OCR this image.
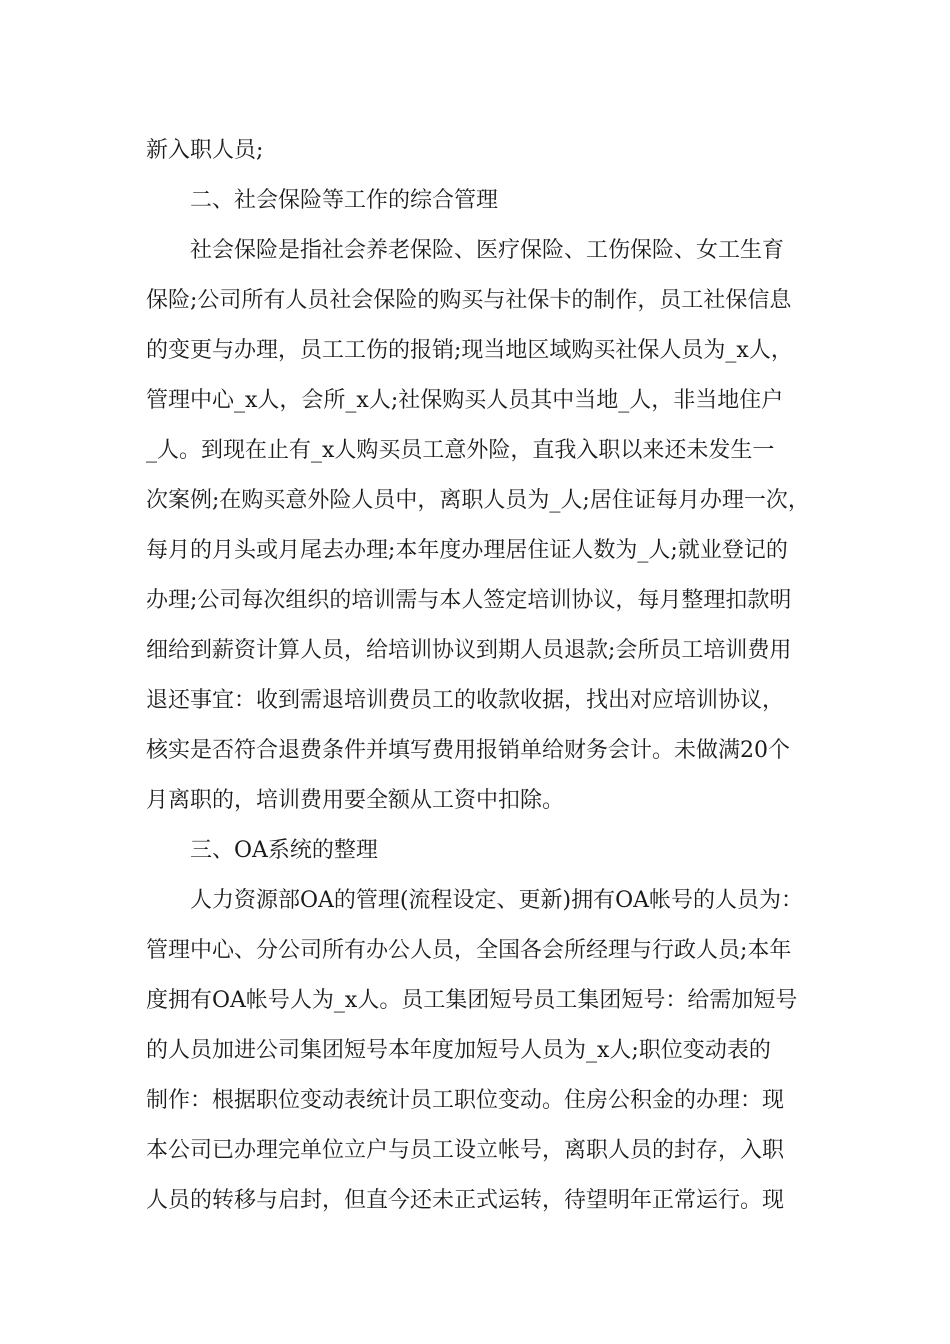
新入职人员;
二、社会保险等工作的综合管理
社会保险是指社会养老保险、医疗保险、工伤保险、女工生育
保险;公司所有人员社会保险的购买与社保卡的制作，员工社保信息
的变更与办理，员工工伤的报销;现当地区域购买社保人员为_x人，
管理中心_x人，会所_x人;社保购买人员其中当地_人，非当地住户
_人。到现在止有_x人购买员工意外险，直我入职以来还未发生一
次案例;在购买意外险人员中，离职人员为_人;居住证每月办理一次，
每月的月头或月尾去办理;本年度办理居住证人数为_人;就业登记的
办理;公司每次组织的培训需与本人签定培训协议，每月整理扣款明
细给到薪资计算人员，给培训协议到期人员退款;会所员工培训费用
退还事宜：收到需退培训费员工的收款收据，找出对应培训协议，
核实是否符合退费条件并填写费用报销单给财务会计。未做满20个
月离职的，培训费用要全额从工资中扣除。
三、OA系统的整理
人力资源部OA的管理(流程设定、更新)拥有OA帐号的人员为：
管理中心、分公司所有办公人员，全国各会所经理与行政人员;本年
度拥有OA帐号人为_x人。员工集团短号员工集团短号：给需加短号
的人员加进公司集团短号本年度加短号人员为_x人;职位变动表的
制作：根据职位变动表统计员工职位变动。住房公积金的办理：现
本公司已办理完单位立户与员工设立帐号，离职人员的封存，入职
人员的转移与启封，但直今还未正式运转，待望明年正常运行。现
